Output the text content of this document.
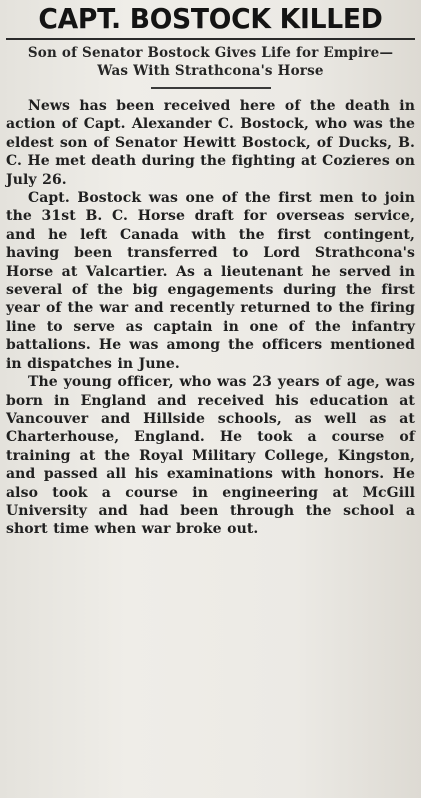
CAPT. BOSTOCK KILLED
Son of Senator Bostock Gives Life for Empire—Was With Strathcona's Horse

News has been received here of the death in action of Capt. Alexander C. Bostock, who was the eldest son of Senator Hewitt Bostock, of Ducks, B. C. He met death during the fighting at Cozieres on July 26.

Capt. Bostock was one of the first men to join the 31st B. C. Horse draft for overseas service, and he left Canada with the first contingent, having been transferred to Lord Strathcona's Horse at Valcartier. As a lieutenant he served in several of the big engagements during the first year of the war and recently returned to the firing line to serve as captain in one of the infantry battalions. He was among the officers mentioned in dispatches in June.

The young officer, who was 23 years of age, was born in England and received his education at Vancouver and Hillside schools, as well as at Charterhouse, England. He took a course of training at the Royal Military College, Kingston, and passed all his examinations with honors. He also took a course in engineering at McGill University and had been through the school a short time when war broke out.
